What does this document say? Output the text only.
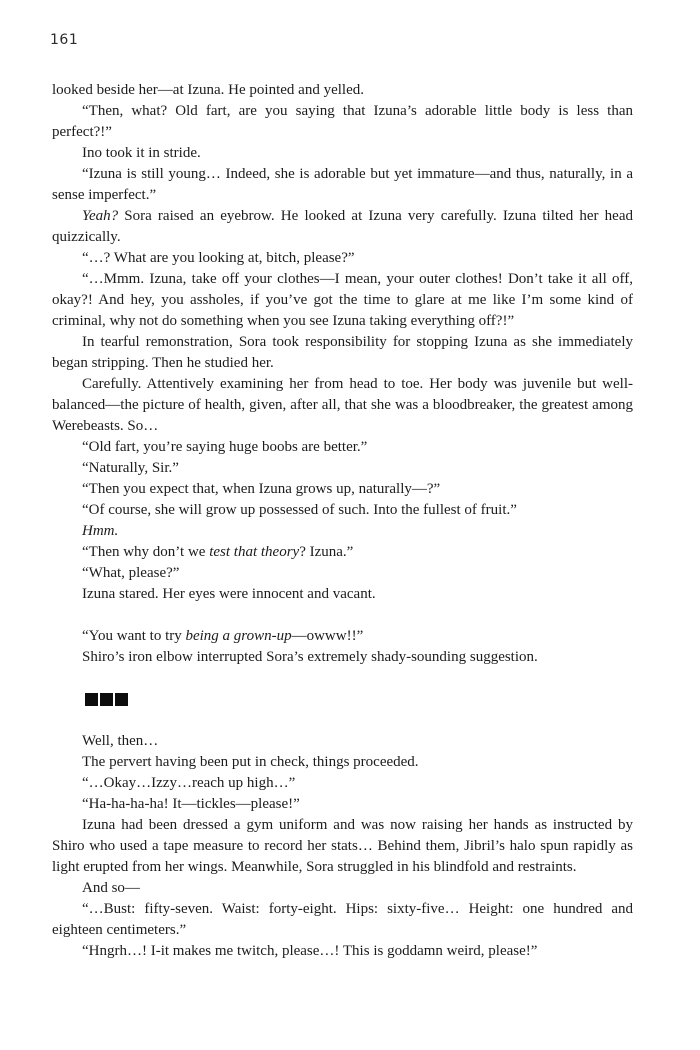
161

looked beside her—at Izuna. He pointed and yelled.

“Then, what? Old fart, are you saying that Izuna’s adorable little body is less than perfect?!”

Ino took it in stride.

“Izuna is still young… Indeed, she is adorable but yet immature—and thus, naturally, in a sense imperfect.”

Yeah? Sora raised an eyebrow. He looked at Izuna very carefully. Izuna tilted her head quizzically.

“…? What are you looking at, bitch, please?”

“…Mmm. Izuna, take off your clothes—I mean, your outer clothes! Don’t take it all off, okay?! And hey, you assholes, if you’ve got the time to glare at me like I’m some kind of criminal, why not do something when you see Izuna taking everything off?!”

In tearful remonstration, Sora took responsibility for stopping Izuna as she immediately began stripping. Then he studied her.

Carefully. Attentively examining her from head to toe. Her body was juvenile but well-balanced—the picture of health, given, after all, that she was a bloodbreaker, the greatest among Werebeasts. So…

“Old fart, you’re saying huge boobs are better.”

“Naturally, Sir.”

“Then you expect that, when Izuna grows up, naturally—?”

“Of course, she will grow up possessed of such. Into the fullest of fruit.”

Hmm.

“Then why don’t we test that theory? Izuna.”

“What, please?”

Izuna stared. Her eyes were innocent and vacant.

“You want to try being a grown-up—owww!!”

Shiro’s iron elbow interrupted Sora’s extremely shady-sounding suggestion.

Well, then…

The pervert having been put in check, things proceeded.

“…Okay…Izzy…reach up high…”

“Ha-ha-ha-ha! It—tickles—please!”

Izuna had been dressed a gym uniform and was now raising her hands as instructed by Shiro who used a tape measure to record her stats… Behind them, Jibril’s halo spun rapidly as light erupted from her wings. Meanwhile, Sora struggled in his blindfold and restraints.

And so—

“…Bust: fifty-seven. Waist: forty-eight. Hips: sixty-five… Height: one hundred and eighteen centimeters.”

“Hngrh…! I-it makes me twitch, please…! This is goddamn weird, please!”
